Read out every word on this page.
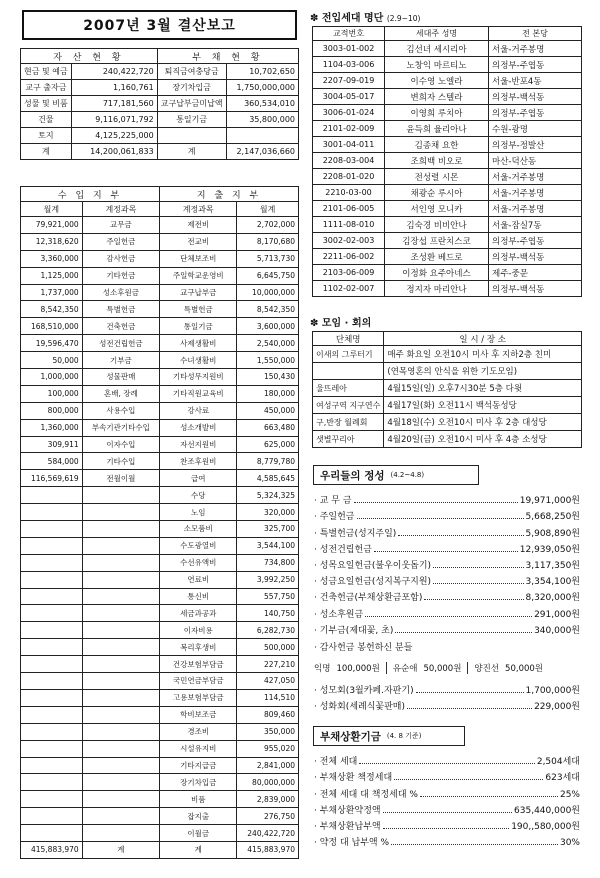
2007년 3월 결산보고
자 산 현 황		부 채 현 황	
현금 및 예금	240,422,720	퇴직금여충당금	10,702,650
교구 출자금	1,160,761	장기차입금	1,750,000,000
성물 및 비품	717,181,560	교구납부금미납액	360,534,010
건물	9,116,071,792	통일기금	35,800,000
토지	4,125,225,000		
계	14,200,061,833	계	2,147,036,660
수 입 지 부		지 출 지 부	
월계	계정과목	계정과목	월계
79,921,000	교무금	제전비	2,702,000
12,318,620	주일헌금	전교비	8,170,680
3,360,000	감사헌금	단체보조비	5,713,730
1,125,000	기타헌금	주일학교운영비	6,645,750
1,737,000	성소후원금	교구납부금	10,000,000
8,542,350	특별헌금	특별헌금	8,542,350
168,510,000	건축헌금	통일기금	3,600,000
19,596,470	성전건립헌금	사제생활비	2,540,000
50,000	기부금	수녀생활비	1,550,000
1,000,000	성물판매	기타성무지원비	150,430
100,000	혼배, 장례	기타직원교육비	180,000
800,000	사용수입	강사료	450,000
1,360,000	부속기관기타수입	성소개발비	663,480
309,911	이자수입	자선지원비	625,000
584,000	기타수입	찬조후원비	8,779,780
116,569,619	전월이월	급여	4,585,645
		수당	5,324,325
		노임	320,000
		소모품비	325,700
		수도광열비	3,544,100
		수선유액비	734,800
		연료비	3,992,250
		통신비	557,750
		세금과공과	140,750
		이자비용	6,282,730
		복리후생비	500,000
		건강보험부담금	227,210
		국민연금부담금	427,050
		고용보험부담금	114,510
		학비보조금	809,460
		경조비	350,000
		시설유지비	955,020
		기타지급금	2,841,000
		장기차입금	80,000,000
		비품	2,839,000
		잡지출	276,750
		이월금	240,422,720
415,883,970	계	계	415,883,970
✽ 전입세대 명단 (2.9~10)
교적번호	세대주 성명	전 본당
3003-01-002	김선녀 세시리아	서울-거주봉명
1104-03-006	노창익 마르티노	의정부-주엽동
2207-09-019	이수영 노엘라	서울-반포4동
3004-05-017	변희자 스텔라	의정부-백석동
3006-01-024	이영희 루치아	의정부-주엽동
2101-02-009	윤득희 율리아나	수원-광명
3001-04-011	김종채 요한	의정부-정발산
2208-03-004	조희백 비오로	마산-덕산동
2208-01-020	전성렬 시몬	서울-거주봉명
2210-03-00	채광순 루시아	서울-거주봉명
2101-06-005	서인영 모니카	서울-거주봉명
1111-08-010	김숙경 비비안나	서울-잠실7동
3002-02-003	김장섭 프란치스코	의정부-주엽동
2211-06-002	조성환 베드로	의정부-백석동
2103-06-009	이정화 요주아네스	제주-중문
1102-02-007	정지자 마리안나	의정부-백석동
✽ 모임 · 회의
단체명	일 시 / 장 소
이새의 그루터기	매주 화요일 오전10시 미사 후 지하2층 친미
	(연목영혼의 안식을 위한 기도모임)
울뜨레아	4월15일(일) 오후7시30분 5층 다윗
여성구역 지구연수	4월17일(화) 오전11시 백석동성당
구,반장 월례회	4월18일(수) 오전10시 미사 후 2층 대성당
샛별꾸리아	4월20일(금) 오전10시 미사 후 4층 소성당
우리들의 정성 (4.2~4.8)
· 교 무 금	19,971,000원
· 주일헌금	5,668,250원
· 특별헌금(성지주일)	5,908,890원
· 성전건립헌금	12,939,050원
· 성목요일헌금(불우이웃돕기)	3,117,350원
· 성금요일헌금(성지복구지원)	3,354,100원
· 건축헌금(부채상환금포함)	8,320,000원
· 성소후원금	291,000원
· 기부금(제대꽃, 초)	340,000원
· 감사헌금 봉헌하신 분들
익명 100,000원	유순애 50,000원	양진선 50,000원
· 성모회(3월카페.자판기)	1,700,000원
· 성화회(세례식꽃판매)	229,000원
부채상환기금 (4. 8 기준)
· 전체 세대	2,504세대
· 부채상환 책정세대	623세대
· 전체 세대 대 책정세대 %	25%
· 부채상환약정액	635,440,000원
· 부채상환납부액	190,,580,000원
· 약정 대 납부액 %	30%
